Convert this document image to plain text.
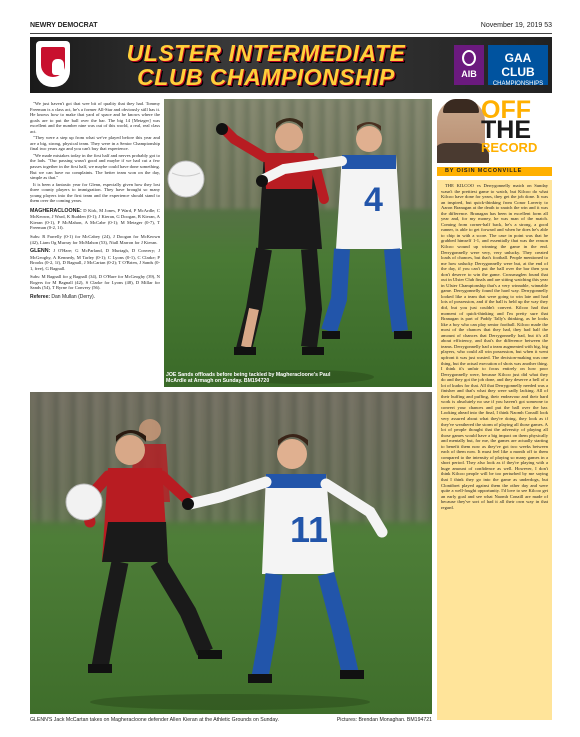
NEWRY DEMOCRAT	November 19, 2019 53
ULSTER INTERMEDIATE
CLUB CHAMPIONSHIP	AIB
GAA CLUB
CHAMPIONSHIPS

"We just haven't got that wee bit of quality that they had. Tommy Freeman is a class act, he's a former All-Star and obviously still has it. He knows how to make that yard of space and he knows where the goals are to put the ball over the bar. The big 14 [Metzger] was excellent and the number nine was out of this world, a real, real class act.

"They were a step up from what we've played before this year and are a big, strong, physical team. They were in a Senior Championship final two years ago and you can't buy that experience.

"We made mistakes today in the first half and nerves probably got to the lads. "Our passing wasn't good and maybe if we had cut a few passes together in the first half, we maybe could have done something. But we can have no complaints. The better team won on the day, simple as that."

It is been a fantastic year for Glenn, especially given how they lost three county players to immigration. They have brought so many young players into the first team and the experience should stand to them over the coming years.

MAGHERACLOONE: D Kirk, M Jones, P Ward, P McArdle; C McKeown, J Ward, K Rudden (0-1); J Kieran, G Doogan, B Kieran, A Kieran (0-1), F McMahon, A McCabe (0-1); M Metzger (0-7), T Freeman (0-2, 1f).

Subs: R Farrelly (0-1) for McCabey (24), J Doogan for McKeown (42), Liam Og Murray for McMahon (53), Niall Marron for J Kieran.

GLENN: J O'Hare; G McParland, D Murtagh, D Convery; J McGeoghy, A Kennedy, M Tarley (0-1); C Lyons (0-1), C Clarke; P Brooks (0-2, 1f), D Bagnall, J McCartan (0-2); T O'Brien, J Sands (0-1, free), G Bagnall.

Subs: M Bagnall for g Bagnall (34), D O'Hare for McGeoghy (39), N Rogers for M Bagnall (42), S Clarke for Lyons (48), D Millar for Sands (54), T Byrne for Convery (56).

Referee: Dan Mullan (Derry).
4
JOE Sands offloads before being tackled by Magheracloone's Paul McArdle at Armagh on Sunday. BM194720
11
GLENN'S Jack McCartan takes on Magheracloone defender Allen Kieran at the Athletic Grounds on Sunday.	Pictures: Brendan Monaghan. BM194721
OFF
THE
RECORD
BY OISIN MCCONVILLE

THE KILCOO vs Derrygonnelly match on Sunday wasn't the prettiest game to watch, but Kilcoo do what Kilcoo have done for years, they get the job done. It was an inspired, but quick-thinking from Conor Laverty to Aaron Branagan at the death to snatch the win and it was the difference. Branagan has been in excellent form all year and, for my money, he was man of the match. Coming from corner-half back, he's a strong, a good runner, is able to get forward and when he does he's able to chip in with a score. The case in point was that he grabbed himself 1-1, and essentially that was the reason Kilcoo wound up winning the game in the end. Derrygonnelly were very, very unlucky. They created loads of chances, but that's football. People mentioned to me how unlucky Derrygonnelly were but, at the end of the day, if you can't put the ball over the bar then you don't deserve to win the game. Crossmaglen found that out in Ulster Club finals and are sitting watching this year in Ulster Championship that's a very winnable, winnable game. Derrygonnelly found the hard way. Derrygonnelly looked like a team that were going to win late and had lots of possession, and if the ball is held up the way they did, but you just couldn't convert. Kilcoo had that moment of quick-thinking and I'm pretty sure that Branagan is part of Paddy Tally's thinking, as he looks like a boy who can play senior football. Kilcoo made the most of the chances that they had, they had half the amount of chances that Derrygonnelly had, but it's all about efficiency, and that's the difference between the teams. Derrygonnelly had a team augmented with big, big players, who could all win possession, but when it went upfront it was just wasted. The decision-making was one thing, but the actual execution of shots was another thing. I think it's unfair to focus entirely on how poor Derrygonnelly were, because Kilcoo just did what they do and they got the job done, and they deserve a bell of a lot of kudos for that. All that Derrygonnelly needed was a finisher and that's what they were sadly lacking. All of their huffing and puffing, their endeavour and their hard work is absolutely no use if you haven't got someone to convert your chances and put the ball over the bar. Looking ahead into the final, I think Naomh Conaill look very assured about what they're doing, they look as if they've weathered the storm of playing all those games. A lot of people thought that the adversity of playing all those games would have a big impact on them physically and mentally but, for me, the games are actually starting to benefit them now as they've got two weeks between each of them now. It must feel like a month off to them compared to the intensity of playing so many games in a short period. They also look as if they're playing with a huge amount of confidence as well. However, I don't think Kilcoo people will be too perturbed by me saying that I think they go into the game as underdogs, but Clontibret played against them the other day and were quite a well-fought opportunity. I'd love to see Kilcoo get an early goal and see what Naomh Conaill are made of because they've sort of had it all their own way in that regard.
